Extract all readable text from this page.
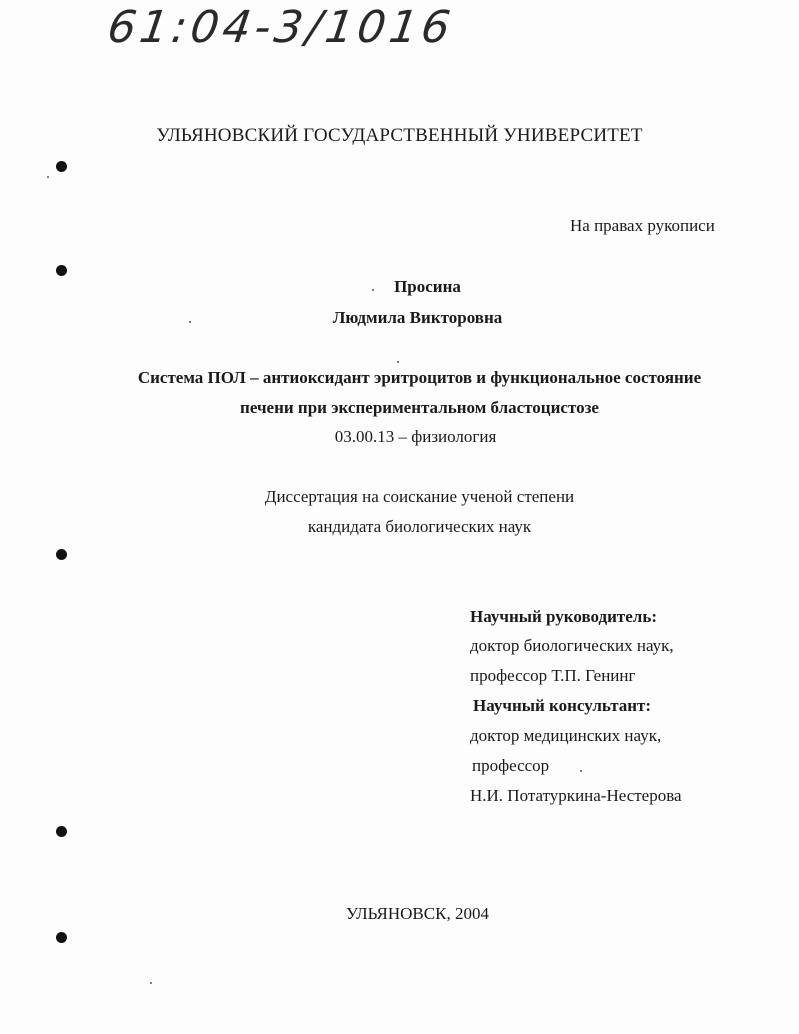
61:04-3/1016
УЛЬЯНОВСКИЙ ГОСУДАРСТВЕННЫЙ УНИВЕРСИТЕТ
На правах рукописи
Просина
Людмила Викторовна
Система ПОЛ – антиоксидант эритроцитов и функциональное состояние
печени при экспериментальном бластоцистозе
03.00.13 – физиология
Диссертация на соискание ученой степени
кандидата биологических наук
Научный руководитель:
доктор биологических наук,
профессор Т.П. Генинг
Научный консультант:
доктор медицинских наук,
профессор
Н.И. Потатуркина-Нестерова
УЛЬЯНОВСК, 2004
